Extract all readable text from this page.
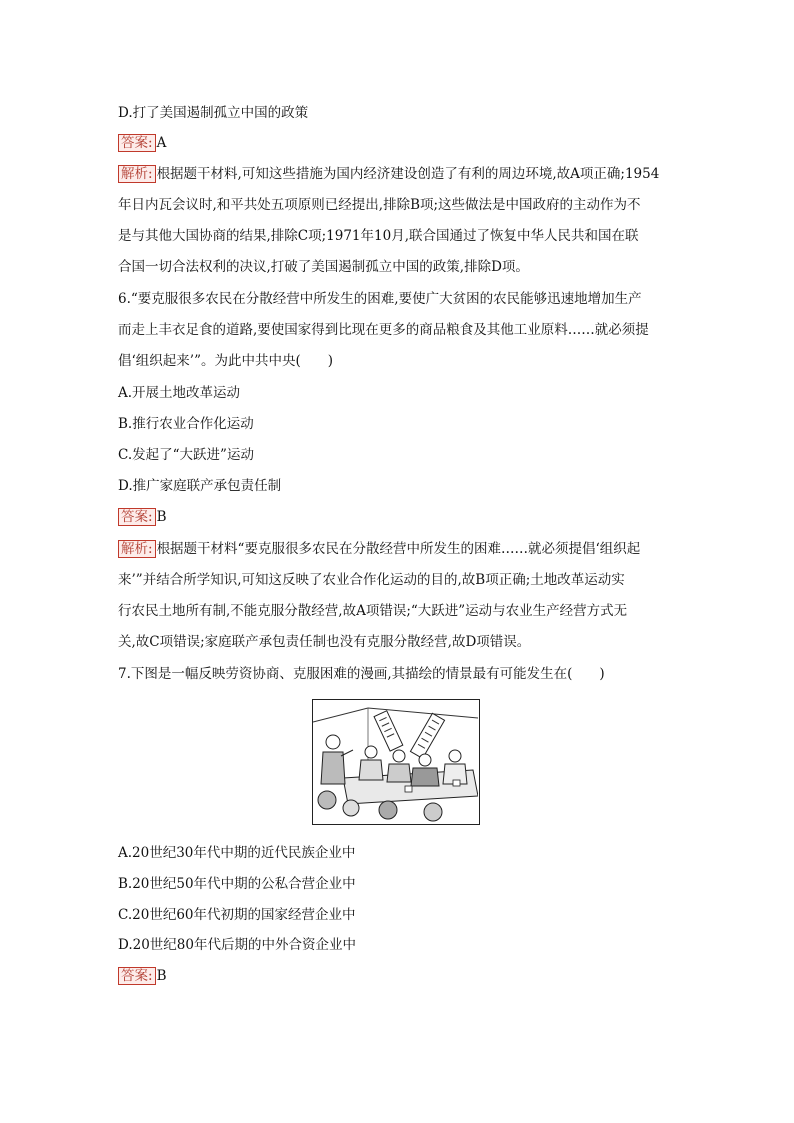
D.打了美国遏制孤立中国的政策
答案: A
解析: 根据题干材料,可知这些措施为国内经济建设创造了有利的周边环境,故A项正确;1954
年日内瓦会议时,和平共处五项原则已经提出,排除B项;这些做法是中国政府的主动作为不
是与其他大国协商的结果,排除C项;1971年10月,联合国通过了恢复中华人民共和国在联
合国一切合法权利的决议,打破了美国遏制孤立中国的政策,排除D项。
6.“要克服很多农民在分散经营中所发生的困难,要使广大贫困的农民能够迅速地增加生产
而走上丰衣足食的道路,要使国家得到比现在更多的商品粮食及其他工业原料……就必须提
倡‘组织起来’”。为此中共中央(　　)
A.开展土地改革运动
B.推行农业合作化运动
C.发起了“大跃进”运动
D.推广家庭联产承包责任制
答案: B
解析: 根据题干材料“要克服很多农民在分散经营中所发生的困难……就必须提倡‘组织起
来’”并结合所学知识,可知这反映了农业合作化运动的目的,故B项正确;土地改革运动实
行农民土地所有制,不能克服分散经营,故A项错误;“大跃进”运动与农业生产经营方式无
关,故C项错误;家庭联产承包责任制也没有克服分散经营,故D项错误。
7.下图是一幅反映劳资协商、克服困难的漫画,其描绘的情景最有可能发生在(　　)
A.20世纪30年代中期的近代民族企业中
B.20世纪50年代中期的公私合营企业中
C.20世纪60年代初期的国家经营企业中
D.20世纪80年代后期的中外合资企业中
答案: B
